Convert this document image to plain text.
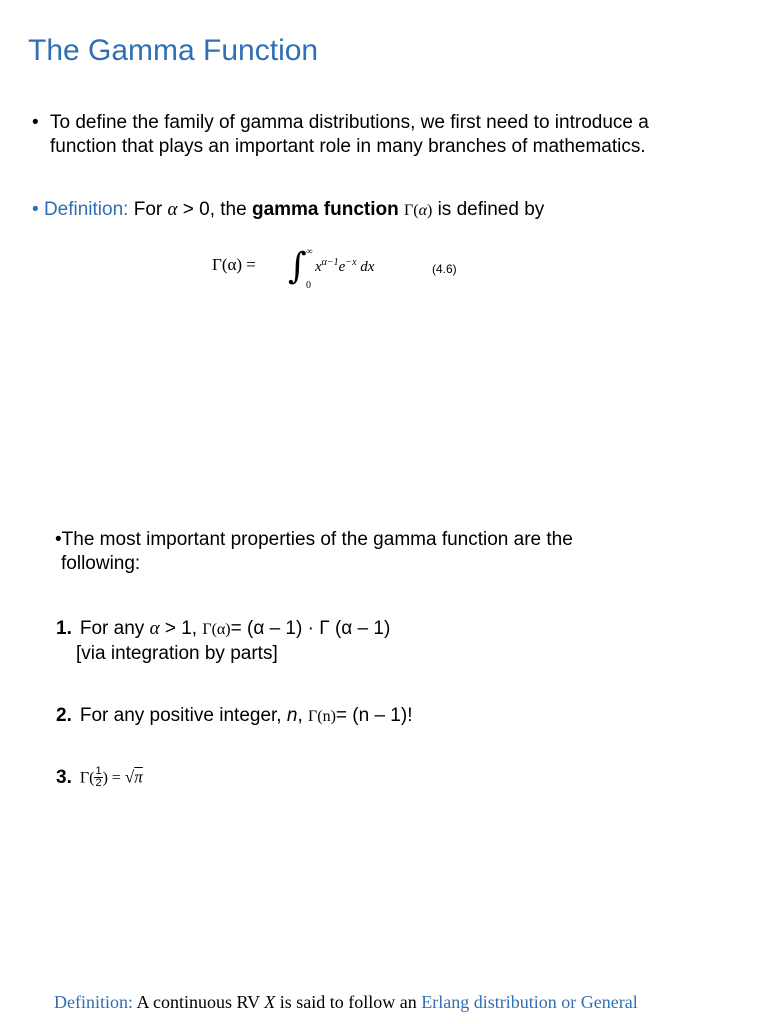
The Gamma Function
• To define the family of gamma distributions, we first need to introduce a
function that plays an important role in many branches of mathematics.
• Definition: For α > 0, the gamma function Γ(α) is defined by
Γ(α) = ∫ ∞
0
$x^{\alpha-1}e^{-x}$ dx	(4.6)
•The most important properties of the gamma function are the
following:
1. For any α > 1, Γ(α)= (α – 1) · Γ (α – 1)
[via integration by parts]
2. For any positive integer, n, Γ(n)= (n – 1)!
3. $\Gamma( \frac{1}{2}$ ) = √π
Definition: A continuous RV X is said to follow an Erlang distribution or General
